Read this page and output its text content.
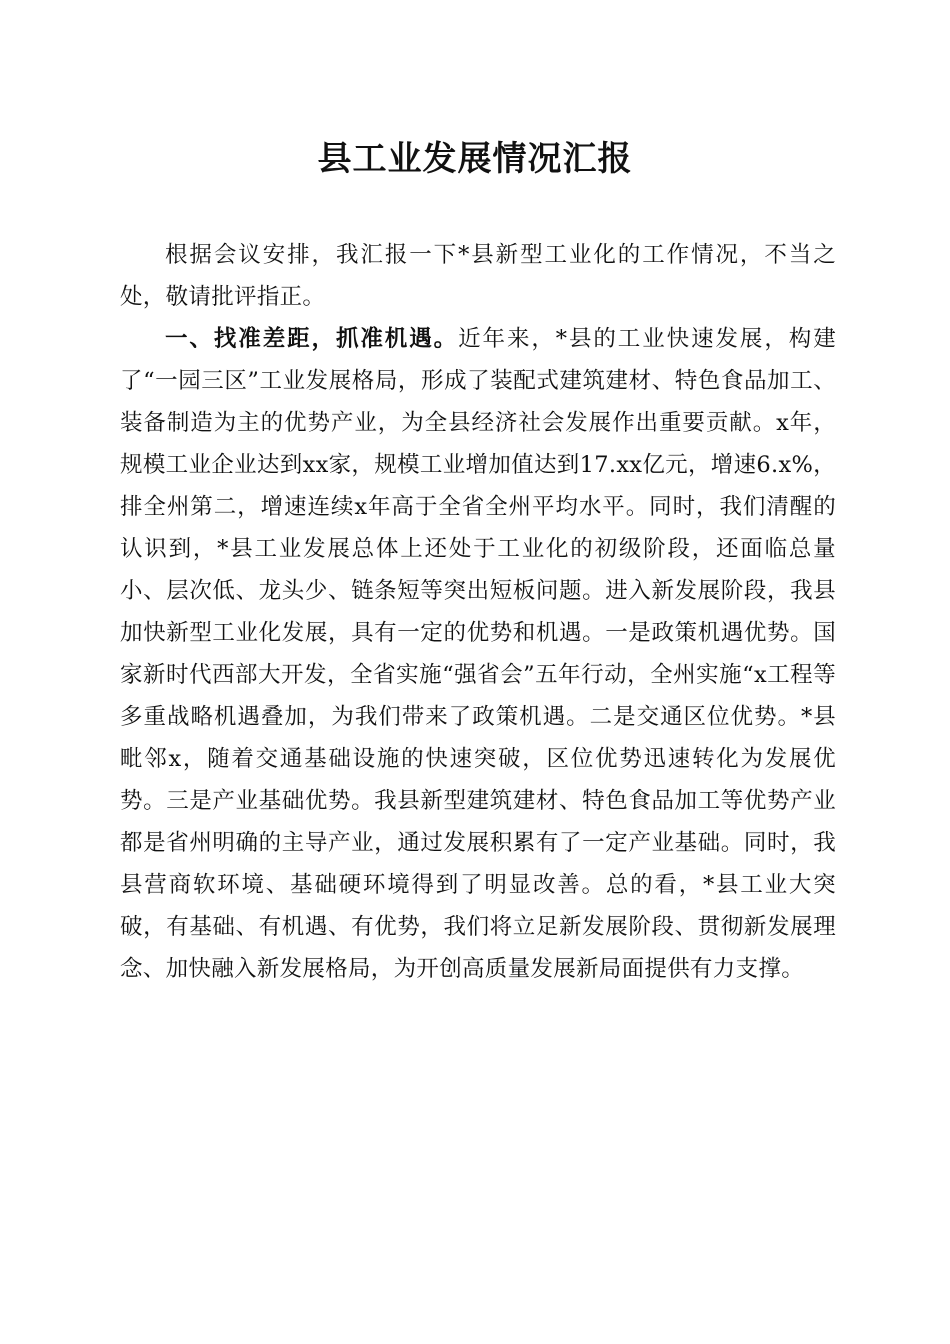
县工业发展情况汇报

根据会议安排，我汇报一下*县新型工业化的工作情况，不当之处，敬请批评指正。

一、找准差距，抓准机遇。近年来，*县的工业快速发展，构建了“一园三区”工业发展格局，形成了装配式建筑建材、特色食品加工、装备制造为主的优势产业，为全县经济社会发展作出重要贡献。x年，规模工业企业达到xx家，规模工业增加值达到17.xx亿元，增速6.x%，排全州第二，增速连续x年高于全省全州平均水平。同时，我们清醒的认识到，*县工业发展总体上还处于工业化的初级阶段，还面临总量小、层次低、龙头少、链条短等突出短板问题。进入新发展阶段，我县加快新型工业化发展，具有一定的优势和机遇。一是政策机遇优势。国家新时代西部大开发，全省实施“强省会”五年行动，全州实施“x工程等多重战略机遇叠加，为我们带来了政策机遇。二是交通区位优势。*县毗邻x，随着交通基础设施的快速突破，区位优势迅速转化为发展优势。三是产业基础优势。我县新型建筑建材、特色食品加工等优势产业都是省州明确的主导产业，通过发展积累有了一定产业基础。同时，我县营商软环境、基础硬环境得到了明显改善。总的看，*县工业大突破，有基础、有机遇、有优势，我们将立足新发展阶段、贯彻新发展理念、加快融入新发展格局，为开创高质量发展新局面提供有力支撑。
